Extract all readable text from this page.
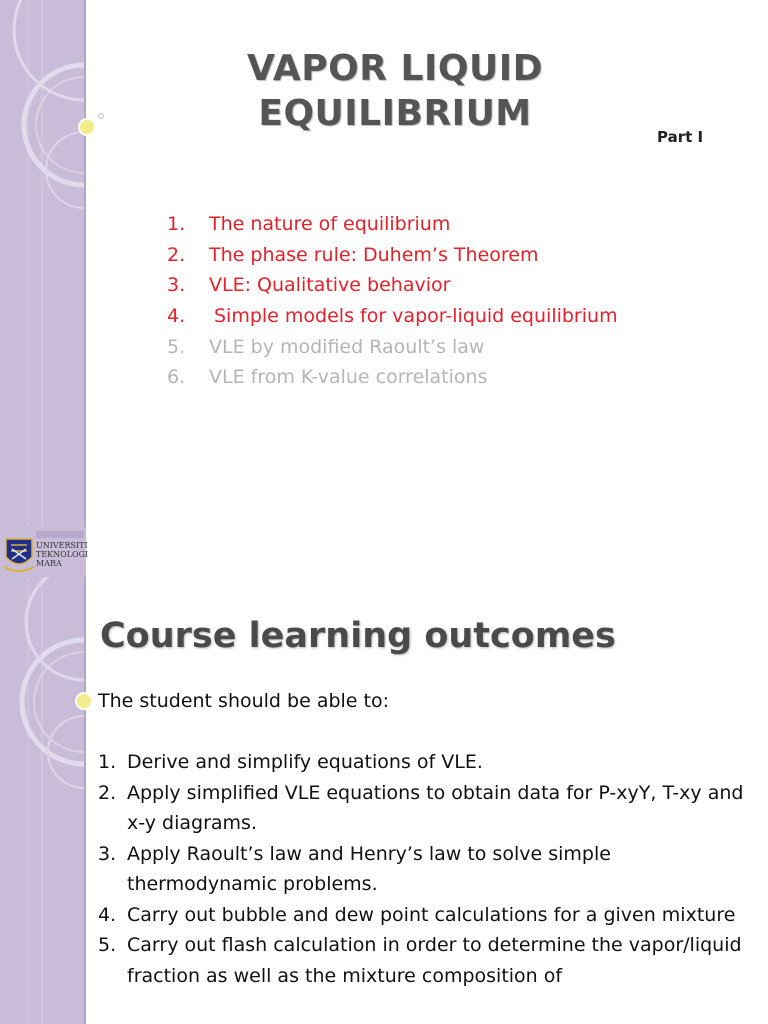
VAPOR LIQUID
EQUILIBRIUM

Part I

1. The nature of equilibrium
2. The phase rule: Duhem’s Theorem
3. VLE: Qualitative behavior
4. Simple models for vapor-liquid equilibrium
5. VLE by modified Raoult’s law
6. VLE from K-value correlations
UNIVERSITI
TEKNOLOGI
MARA
Course learning outcomes

The student should be able to:

1. Derive and simplify equations of VLE.
2. Apply simplified VLE equations to obtain data for P-xyY, T-xy and x-y diagrams.
3. Apply Raoult’s law and Henry’s law to solve simple thermodynamic problems.
4. Carry out bubble and dew point calculations for a given mixture
5. Carry out flash calculation in order to determine the vapor/liquid fraction as well as the mixture composition of
